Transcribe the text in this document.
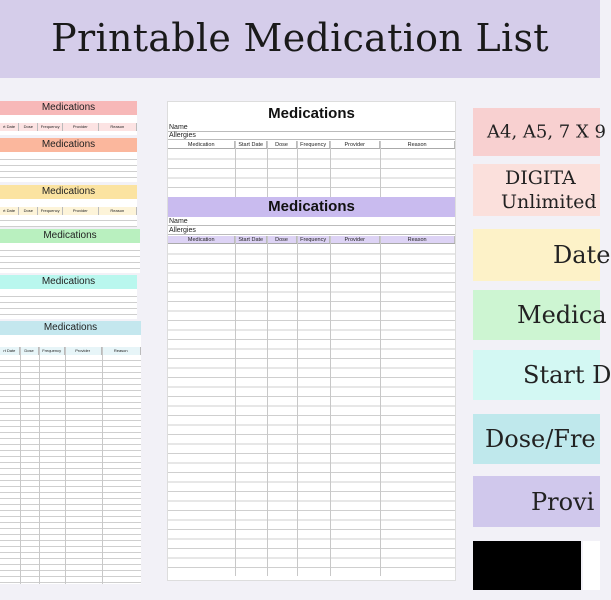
Printable Medication List
Medications
rt Date	Dose	Frequency	Provider	Reason
Medications
Medications
rt Date	Dose	Frequency	Provider	Reason
Medications
Medications
Medications
rt Date	Dose	Frequency	Provider	Reason
Medications
Name
Allergies
Medication	Start Date	Dose	Frequency	Provider	Reason
Medications
Name
Allergies
Medication	Start Date	Dose	Frequency	Provider	Reason
A4, A5, 7 X 9
DIGITA
Unlimited
Date
Medica
Start D
Dose/Fre
Provi
